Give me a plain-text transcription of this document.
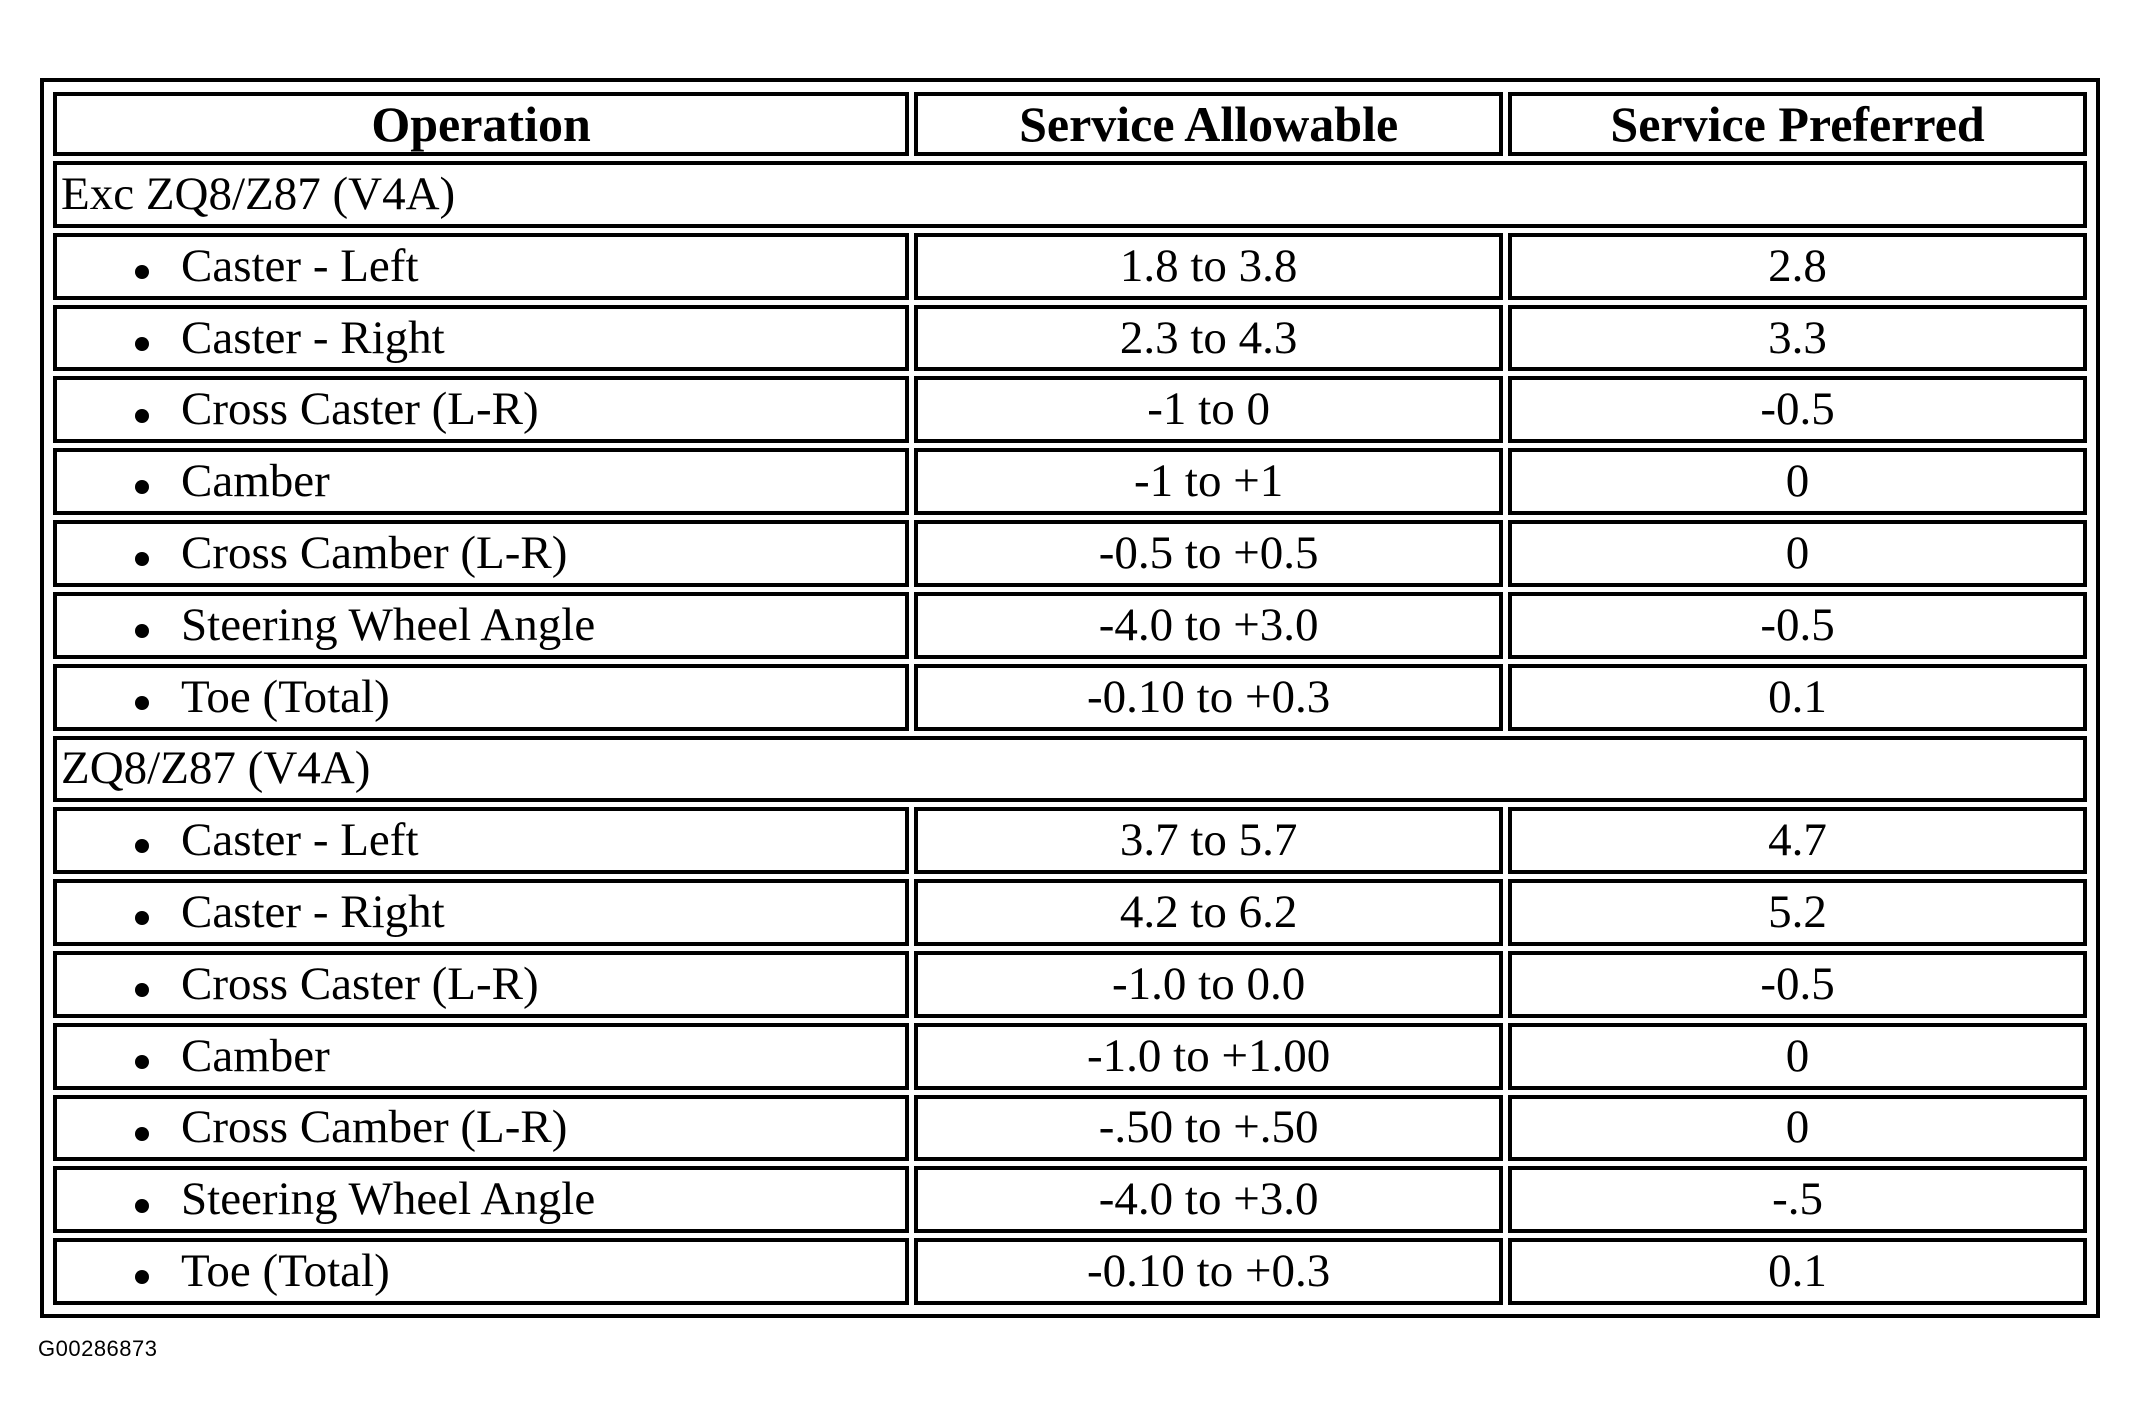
Operation	Service Allowable	Service Preferred
Exc ZQ8/Z87 (V4A)		
Caster - Left	1.8 to 3.8	2.8
Caster - Right	2.3 to 4.3	3.3
Cross Caster (L-R)	-1 to 0	-0.5
Camber	-1 to +1	0
Cross Camber (L-R)	-0.5 to +0.5	0
Steering Wheel Angle	-4.0 to +3.0	-0.5
Toe (Total)	-0.10 to +0.3	0.1
ZQ8/Z87 (V4A)		
Caster - Left	3.7 to 5.7	4.7
Caster - Right	4.2 to 6.2	5.2
Cross Caster (L-R)	-1.0 to 0.0	-0.5
Camber	-1.0 to +1.00	0
Cross Camber (L-R)	-.50 to +.50	0
Steering Wheel Angle	-4.0 to +3.0	-.5
Toe (Total)	-0.10 to +0.3	0.1
G00286873
